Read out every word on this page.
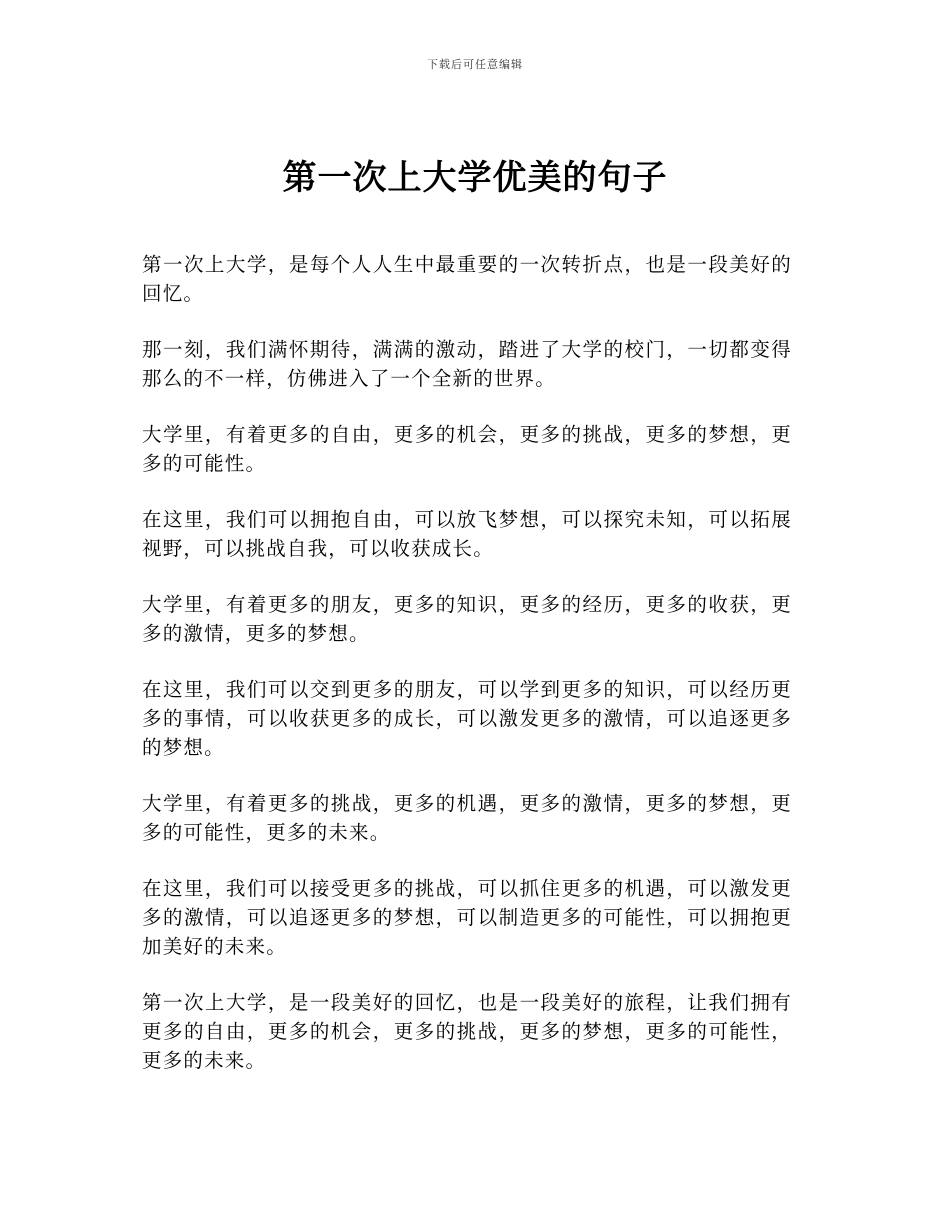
下载后可任意编辑
第一次上大学优美的句子

第一次上大学，是每个人人生中最重要的一次转折点，也是一段美好的回忆。

那一刻，我们满怀期待，满满的激动，踏进了大学的校门，一切都变得那么的不一样，仿佛进入了一个全新的世界。

大学里，有着更多的自由，更多的机会，更多的挑战，更多的梦想，更多的可能性。

在这里，我们可以拥抱自由，可以放飞梦想，可以探究未知，可以拓展视野，可以挑战自我，可以收获成长。

大学里，有着更多的朋友，更多的知识，更多的经历，更多的收获，更多的激情，更多的梦想。

在这里，我们可以交到更多的朋友，可以学到更多的知识，可以经历更多的事情，可以收获更多的成长，可以激发更多的激情，可以追逐更多的梦想。

大学里，有着更多的挑战，更多的机遇，更多的激情，更多的梦想，更多的可能性，更多的未来。

在这里，我们可以接受更多的挑战，可以抓住更多的机遇，可以激发更多的激情，可以追逐更多的梦想，可以制造更多的可能性，可以拥抱更加美好的未来。

第一次上大学，是一段美好的回忆，也是一段美好的旅程，让我们拥有更多的自由，更多的机会，更多的挑战，更多的梦想，更多的可能性，更多的未来。
